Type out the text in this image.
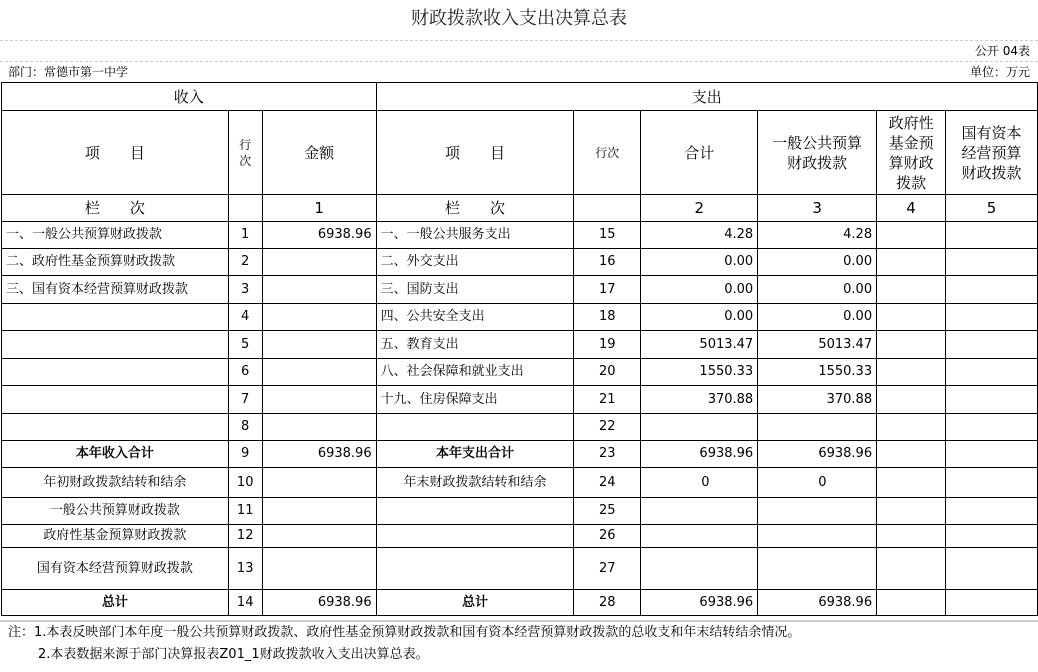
财政拨款收入支出决算总表
公开 04表
部门：常德市第一中学	单位：万元
收入			支出					
项　　目	行次	金额	项　　目	行次	合计	一般公共预算财政拨款	政府性基金预算财政拨款	国有资本经营预算财政拨款
栏　　次		1	栏　　次		2	3	4	5
一、一般公共预算财政拨款	1	6938.96	一、一般公共服务支出	15	4.28	4.28		
二、政府性基金预算财政拨款	2		二、外交支出	16	0.00	0.00		
三、国有资本经营预算财政拨款	3		三、国防支出	17	0.00	0.00		
	4		四、公共安全支出	18	0.00	0.00		
	5		五、教育支出	19	5013.47	5013.47		
	6		八、社会保障和就业支出	20	1550.33	1550.33		
	7		十九、住房保障支出	21	370.88	370.88		
	8			22				
本年收入合计	9	6938.96	本年支出合计	23	6938.96	6938.96		
年初财政拨款结转和结余	10		年末财政拨款结转和结余	24	0	0		
一般公共预算财政拨款	11			25				
政府性基金预算财政拨款	12			26				
国有资本经营预算财政拨款	13			27				
总计	14	6938.96	总计	28	6938.96	6938.96		
注：1.本表反映部门本年度一般公共预算财政拨款、政府性基金预算财政拨款和国有资本经营预算财政拨款的总收支和年末结转结余情况。
2.本表数据来源于部门决算报表Z01_1财政拨款收入支出决算总表。
